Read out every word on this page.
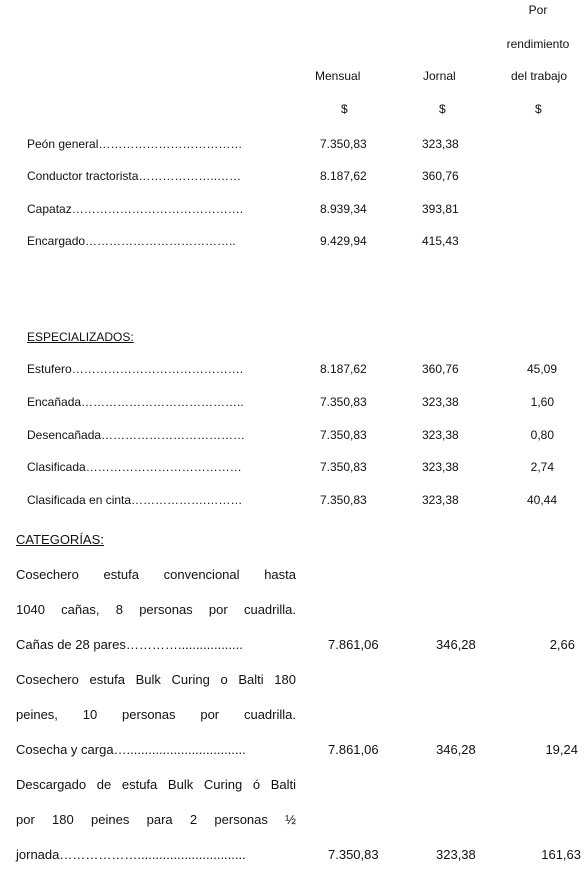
Por
rendimiento
Mensual	Jornal	del trabajo
$	$	$
Peón general………………………………	7.350,83	323,38
Conductor tractorista………………..……	8.187,62	360,76
Capataz…………………………………….	8.939,34	393,81
Encargado………………………………..	9.429,94	415,43
ESPECIALIZADOS:
Estufero…………………………………….	8.187,62	360,76	45,09
Encañada…………………………………..	7.350,83	323,38	1,60
Desencañada………………………………	7.350,83	323,38	0,80
Clasificada…………………………………	7.350,83	323,38	2,74
Clasificada en cinta……………….………	7.350,83	323,38	40,44
CATEGORÍAS:
Cosechero estufa convencional hasta
1040 cañas, 8 personas por cuadrilla.
Cañas de 28 pares…………..................	7.861,06	346,28	2,66
Cosechero estufa Bulk Curing o Balti 180
peines, 10 personas por cuadrilla.
Cosecha y carga….................................	7.861,06	346,28	19,24
Descargado de estufa Bulk Curing ó Balti
por 180 peines para 2 personas ½
jornada………………..............................	7.350,83	323,38	161,63
